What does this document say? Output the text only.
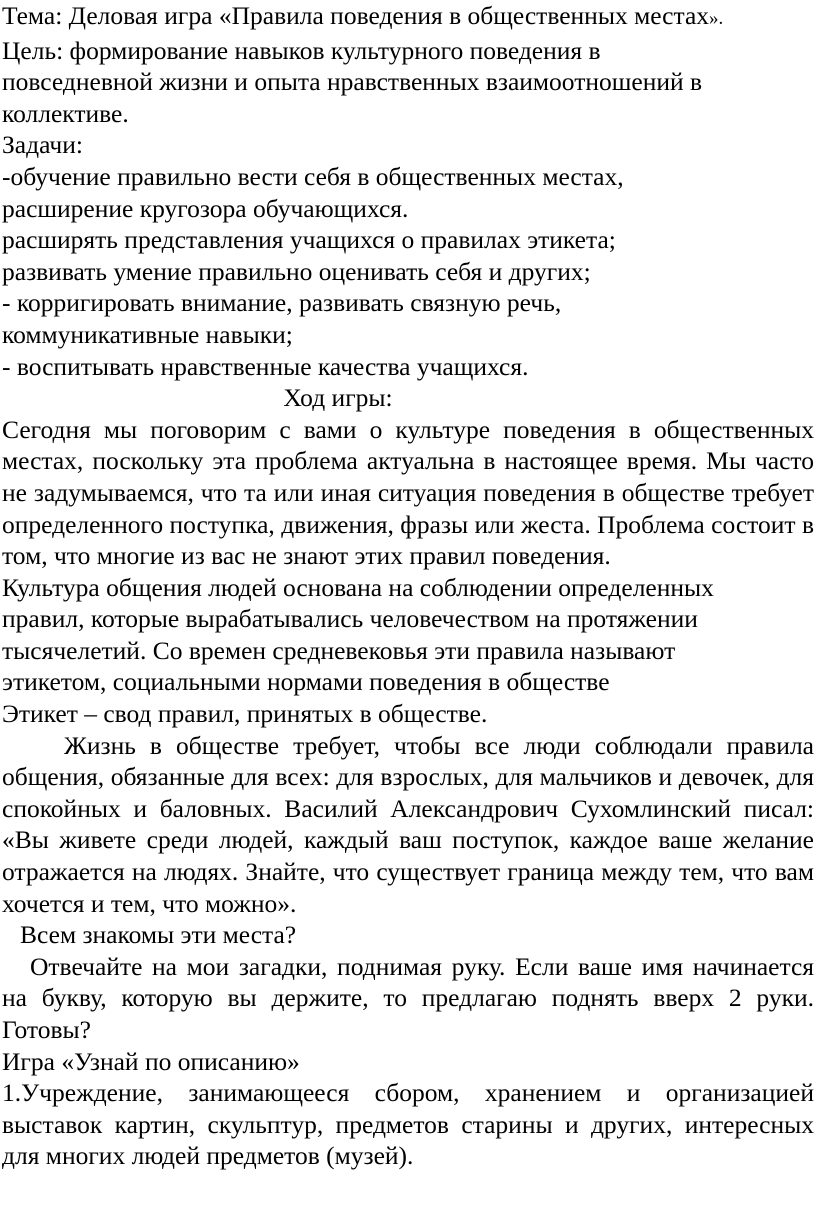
Тема: Деловая игра «Правила поведения в общественных местах».

Цель: формирование навыков культурного поведения в

повседневной жизни и опыта нравственных взаимоотношений в

коллективе.

Задачи:

-обучение правильно вести себя в общественных местах,

расширение кругозора обучающихся.

расширять представления учащихся о правилах этикета;

развивать умение правильно оценивать себя и других;

- корригировать внимание, развивать связную речь,

коммуникативные навыки;

- воспитывать нравственные качества учащихся.

Ход игры:

Сегодня мы поговорим с вами о культуре поведения в общественных местах, поскольку эта проблема актуальна в настоящее время. Мы часто не задумываемся, что та или иная ситуация поведения в обществе требует определенного поступка, движения, фразы или жеста. Проблема состоит в том, что многие из вас не знают этих правил поведения.

Культура общения людей основана на соблюдении определенных

правил, которые вырабатывались человечеством на протяжении

тысячелетий. Со времен средневековья эти правила называют

этикетом, социальными нормами поведения в обществе

Этикет – свод правил, принятых в обществе.

Жизнь в обществе требует, чтобы все люди соблюдали правила общения, обязанные для всех: для взрослых, для мальчиков и девочек, для спокойных и баловных. Василий Александрович Сухомлинский писал: «Вы живете среди людей, каждый ваш поступок, каждое ваше желание отражается на людях. Знайте, что существует граница между тем, что вам хочется и тем, что можно».

Всем знакомы эти места?

Отвечайте на мои загадки, поднимая руку. Если ваше имя начинается на букву, которую вы держите, то предлагаю поднять вверх 2 руки. Готовы?

Игра «Узнай по описанию»

1.Учреждение, занимающееся сбором, хранением и организацией выставок картин, скульптур, предметов старины и других, интересных для многих людей предметов (музей).
